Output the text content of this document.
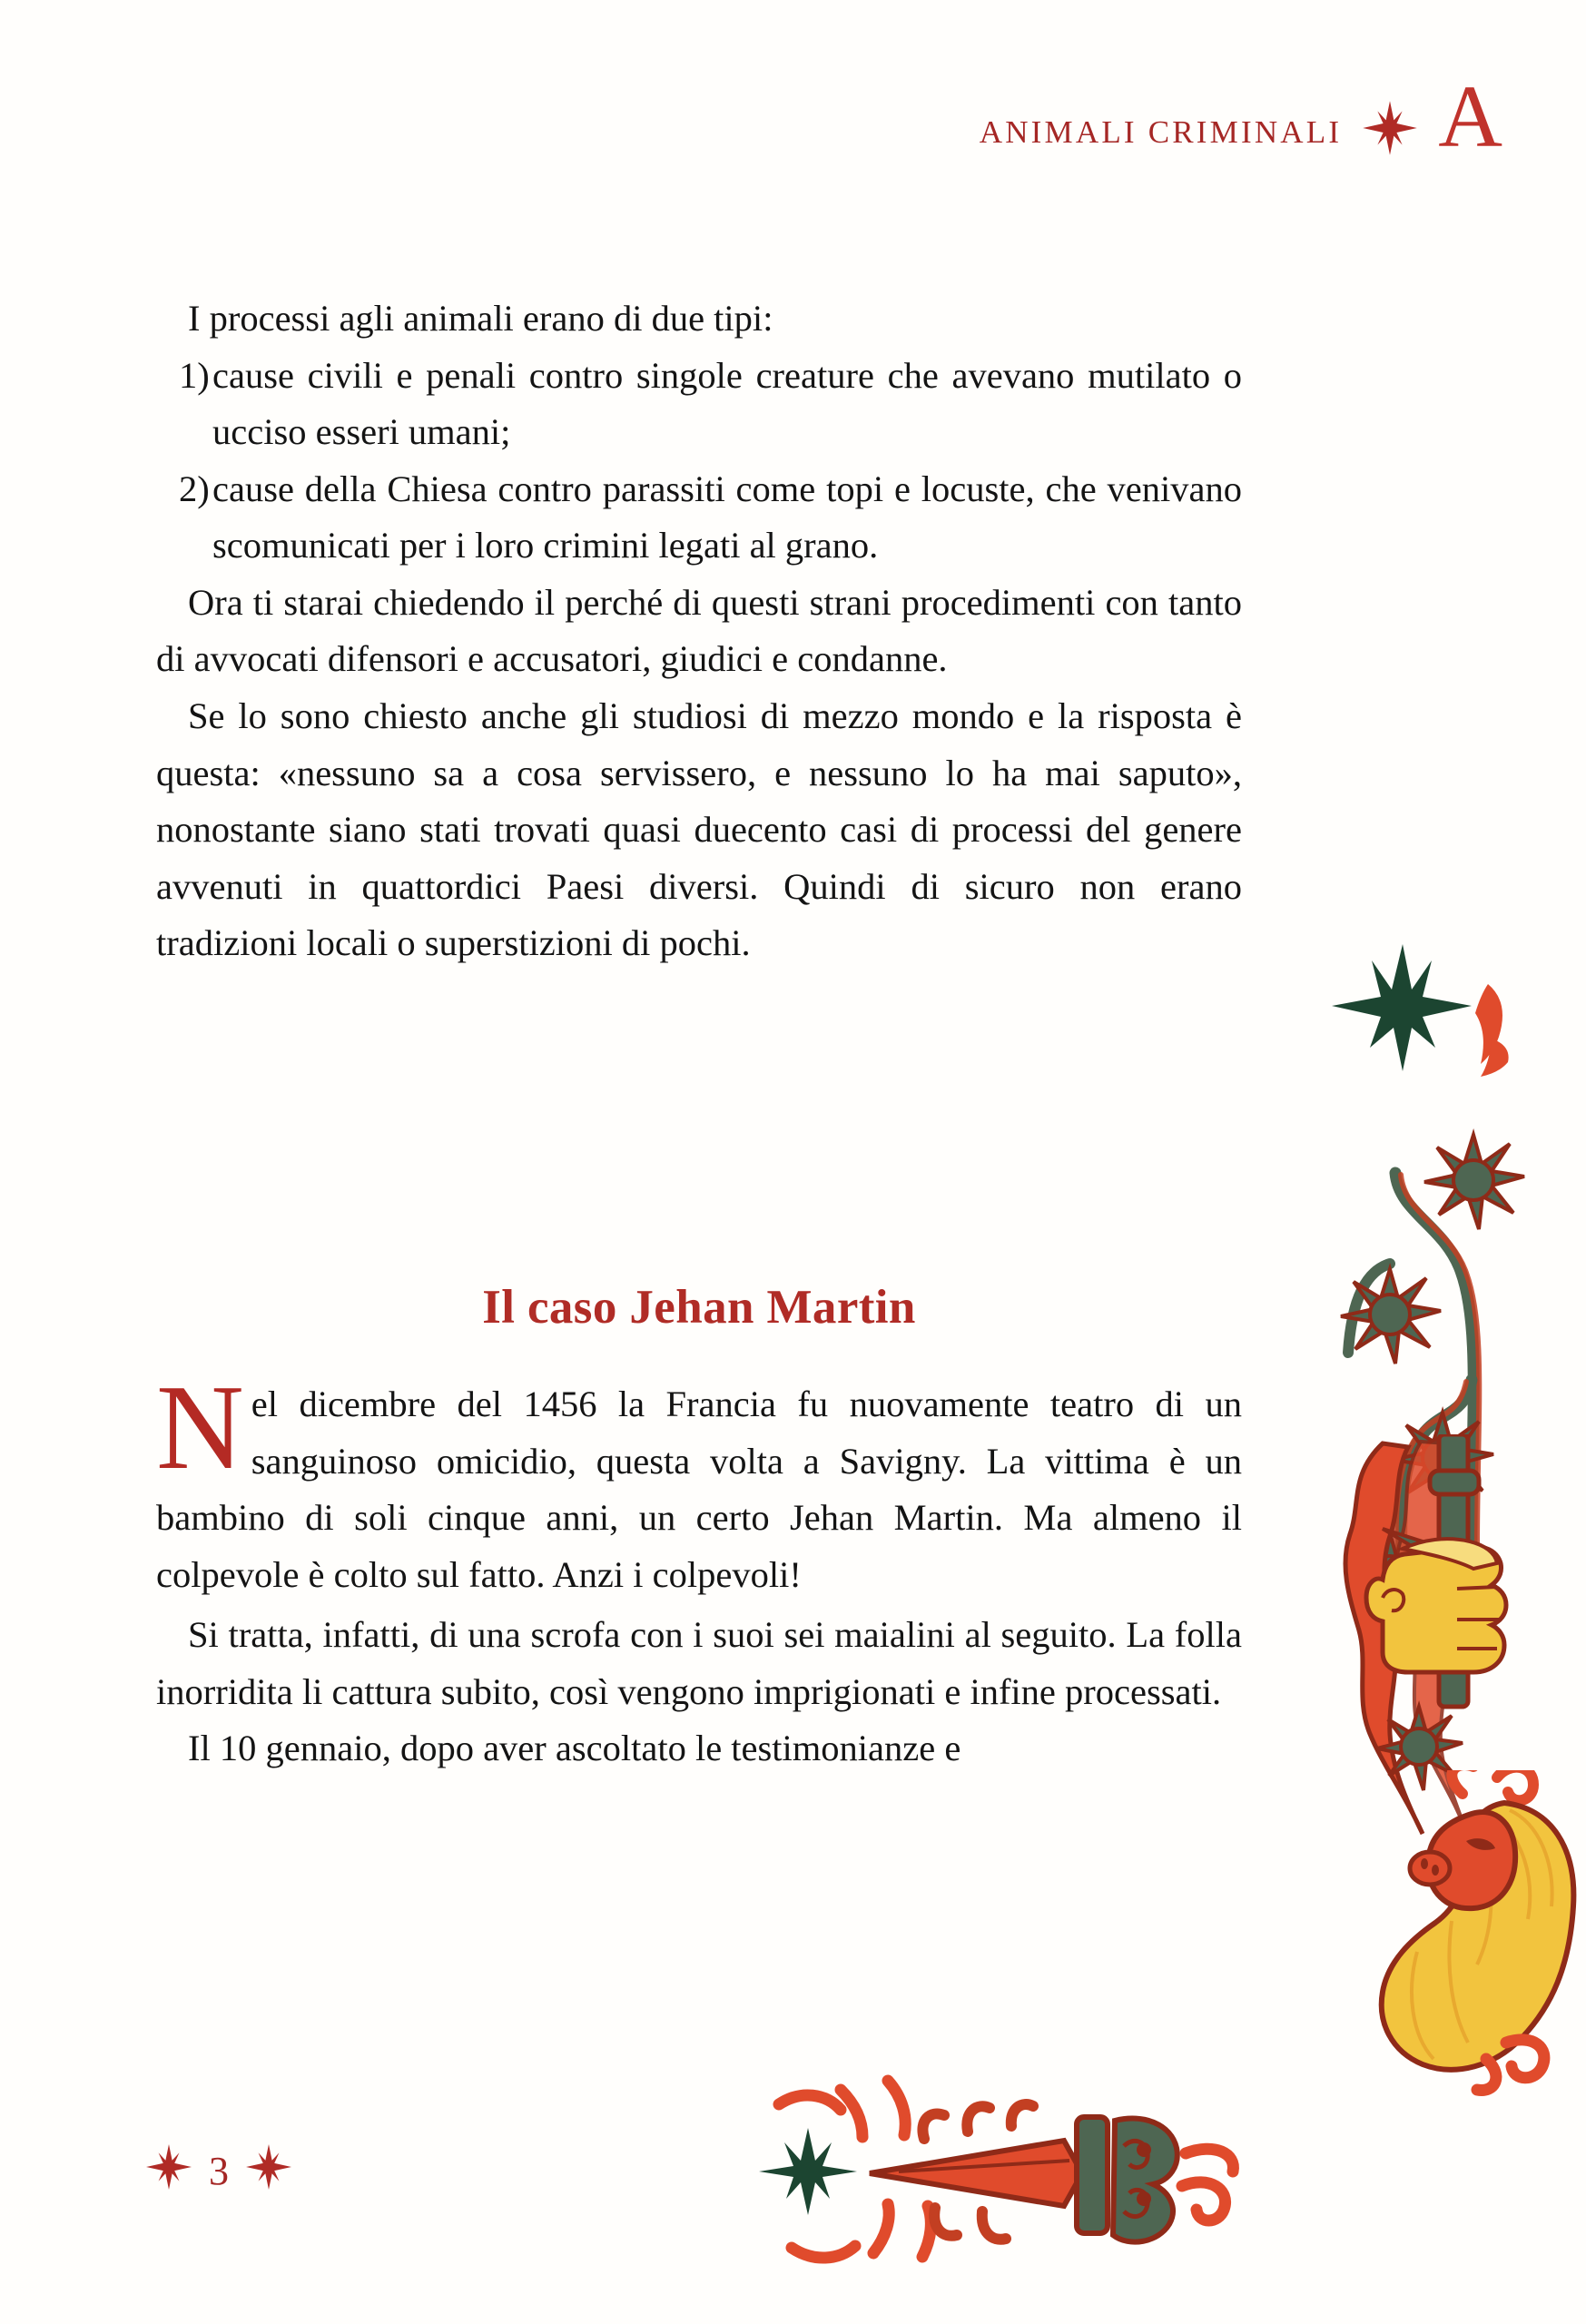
ANIMALI CRIMINALI A

I processi agli animali erano di due tipi:

1) cause civili e penali contro singole creature che avevano mutilato o ucciso esseri umani;
2) cause della Chiesa contro parassiti come topi e locuste, che venivano scomunicati per i loro crimini legati al grano.

Ora ti starai chiedendo il perché di questi strani procedimenti con tanto di avvocati difensori e accusatori, giudici e condanne.

Se lo sono chiesto anche gli studiosi di mezzo mondo e la risposta è questa: «nessuno sa a cosa servissero, e nessuno lo ha mai saputo», nonostante siano stati trovati quasi duecento casi di processi del genere avvenuti in quattordici Paesi diversi. Quindi di sicuro non erano tradizioni locali o superstizioni di pochi.

Il caso Jehan Martin
N el dicembre del 1456 la Francia fu nuovamente teatro di un sanguinoso omicidio, questa volta a Savigny. La vittima è un bambino di soli cinque anni, un certo Jehan Martin. Ma almeno il colpevole è colto sul fatto. Anzi i colpevoli!

Si tratta, infatti, di una scrofa con i suoi sei maialini al seguito. La folla inorridita li cattura subito, così vengono imprigionati e infine processati.

Il 10 gennaio, dopo aver ascoltato le testimonianze e

3
